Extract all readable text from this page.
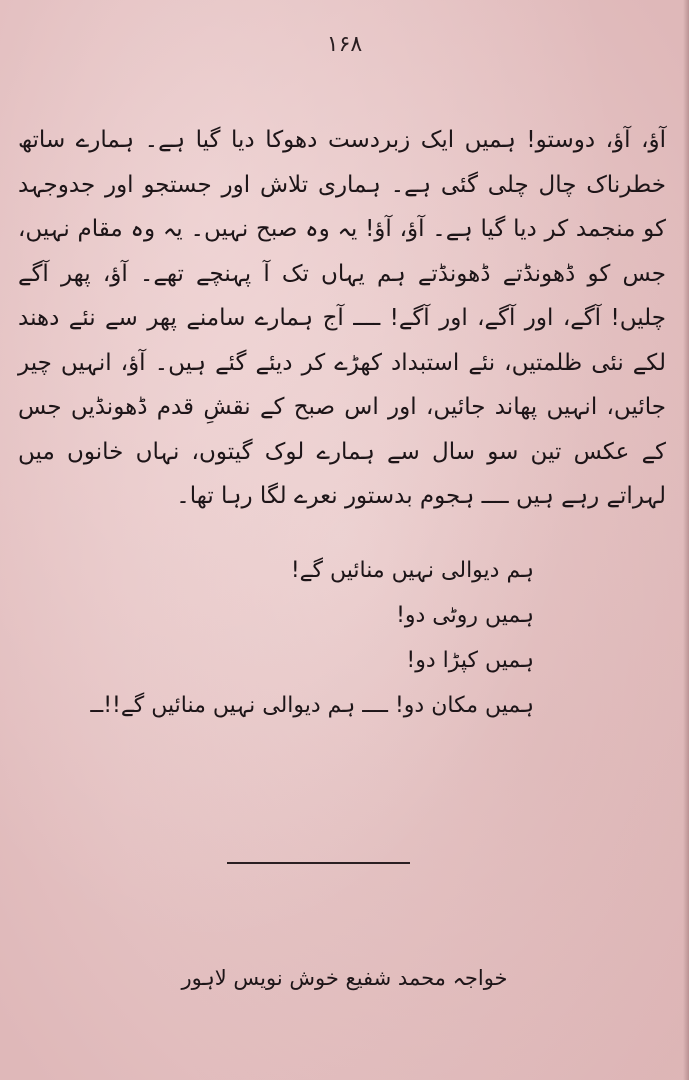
۱۶۸

آؤ، آؤ، دوستو! ہمیں ایک زبردست دھوکا دیا گیا ہے۔ ہمارے ساتھ خطرناک چال چلی گئی ہے۔ ہماری تلاش اور جستجو اور جدوجہد کو منجمد کر دیا گیا ہے۔ آؤ، آؤ! یہ وہ صبح نہیں۔ یہ وہ مقام نہیں، جس کو ڈھونڈتے ڈھونڈتے ہم یہاں تک آ پہنچے تھے۔ آؤ، پھر آگے چلیں! آگے، اور آگے، اور آگے! ــــ آج ہمارے سامنے پھر سے نئے دھند لکے نئی ظلمتیں، نئے استبداد کھڑے کر دیئے گئے ہیں۔ آؤ، انہیں چیر جائیں، انہیں پھاند جائیں، اور اس صبح کے نقشِ قدم ڈھونڈیں جس کے عکس تین سو سال سے ہمارے لوک گیتوں، نہاں خانوں میں لہراتے رہے ہیں ــــ ہجوم بدستور نعرے لگا رہا تھا۔

ہم دیوالی نہیں منائیں گے!
ہمیں روٹی دو!
ہمیں کپڑا دو!
ہمیں مکان دو! ــــ ہم دیوالی نہیں منائیں گے!!ــ
خواجہ محمد شفیع خوش نویس لاہور
